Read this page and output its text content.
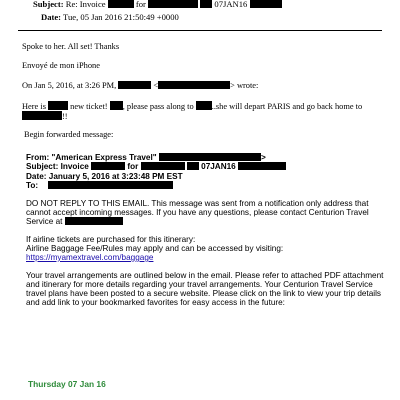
Subject: Re: Invoice	for	07JAN16
Date: Tue, 05 Jan 2016 21:50:49 +0000
Spoke to her. All set! Thanks
Envoyé de mon iPhone
On Jan 5, 2016, at 3:26 PM,	<	> wrote:
Here is	new ticket! , please pass along to ..she will depart PARIS and go back home to
!!
Begin forwarded message:
From: "American Express Travel"	>
Subject: Invoice	for	07JAN16
Date: January 5, 2016 at 3:23:48 PM EST
To:
DO NOT REPLY TO THIS EMAIL. This message was sent from a notification only address that
cannot accept incoming messages. If you have any questions, please contact Centurion Travel
Service at
If airline tickets are purchased for this itinerary:
Airline Baggage Fee/Rules may apply and can be accessed by visiting:
https://myamextravel.com/baggage
Your travel arrangements are outlined below in the email. Please refer to attached PDF attachment
and itinerary for more details regarding your travel arrangements. Your Centurion Travel Service
travel plans have been posted to a secure website. Please click on the link to view your trip details
and add link to your bookmarked favorites for easy access in the future:
Thursday 07 Jan 16
